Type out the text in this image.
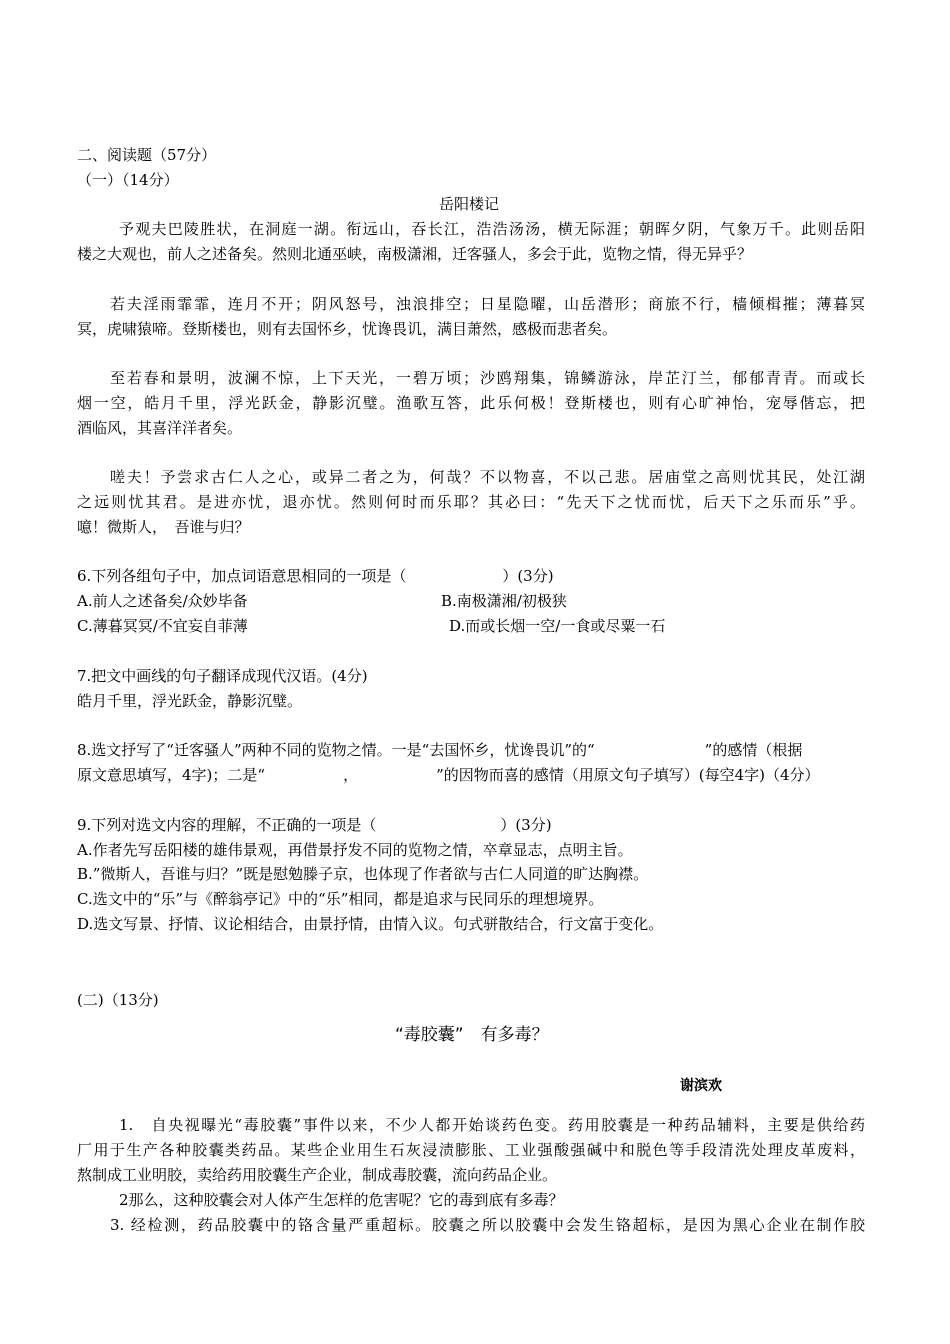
二、阅读题（57分）
（一）（14分）
岳阳楼记
予观夫巴陵胜状，在洞庭一湖。衔远山，吞长江，浩浩汤汤，横无际涯；朝晖夕阴，气象万千。此则岳阳
楼之大观也，前人之述备矣。然则北通巫峡，南极潇湘，迁客骚人，多会于此，览物之情，得无异乎？
若夫淫雨霏霏，连月不开；阴风怒号，浊浪排空；日星隐曜，山岳潜形；商旅不行，樯倾楫摧；薄暮冥
冥，虎啸猿啼。登斯楼也，则有去国怀乡，忧谗畏讥，满目萧然，感极而悲者矣。
至若春和景明，波澜不惊，上下天光，一碧万顷；沙鸥翔集，锦鳞游泳，岸芷汀兰，郁郁青青。而或长
烟一空，皓月千里，浮光跃金，静影沉璧。渔歌互答，此乐何极！登斯楼也，则有心旷神怡，宠辱偕忘，把
酒临风，其喜洋洋者矣。
嗟夫！予尝求古仁人之心，或异二者之为，何哉？不以物喜，不以己悲。居庙堂之高则忧其民，处江湖
之远则忧其君。是进亦忧，退亦忧。然则何时而乐耶？其必曰：“先天下之忧而忧，后天下之乐而乐”乎。
噫！微斯人，　吾谁与归？
6.下列各组句子中，加点词语意思相同的一项是（	）(3分)
A.前人之述备矣/众妙毕备	B.南极潇湘/初极狭
C.薄暮冥冥/不宜妄自菲薄	D.而或长烟一空/一食或尽粟一石
7.把文中画线的句子翻译成现代汉语。(4分)
皓月千里，浮光跃金，静影沉璧。
8.选文抒写了“迁客骚人”两种不同的览物之情。一是“去国怀乡，忧谗畏讥”的“	”的感情（根据
原文意思填写，4字)；二是“	，	”的因物而喜的感情（用原文句子填写）(每空4字)（4分）
9.下列对选文内容的理解，不正确的一项是（	）(3分)
A.作者先写岳阳楼的雄伟景观，再借景抒发不同的览物之情，卒章显志，点明主旨。
B.”微斯人，吾谁与归？”既是慰勉滕子京，也体现了作者欲与古仁人同道的旷达胸襟。
C.选文中的“乐”与《醉翁亭记》中的“乐”相同，都是追求与民同乐的理想境界。
D.选文写景、抒情、议论相结合，由景抒情，由情入议。句式骈散结合，行文富于变化。
(二)（13分)
“毒胶囊”　有多毒？
谢滨欢
1.　自央视曝光“毒胶囊”事件以来，不少人都开始谈药色变。药用胶囊是一种药品辅料，主要是供给药
厂用于生产各种胶囊类药品。某些企业用生石灰浸渍膨胀、工业强酸强碱中和脱色等手段清洗处理皮革废料，
熬制成工业明胶，卖给药用胶囊生产企业，制成毒胶囊，流向药品企业。
2那么，这种胶囊会对人体产生怎样的危害呢？它的毒到底有多毒？
3. 经检测，药品胶囊中的铬含量严重超标。胶囊之所以胶囊中会发生铬超标，是因为黑心企业在制作胶
